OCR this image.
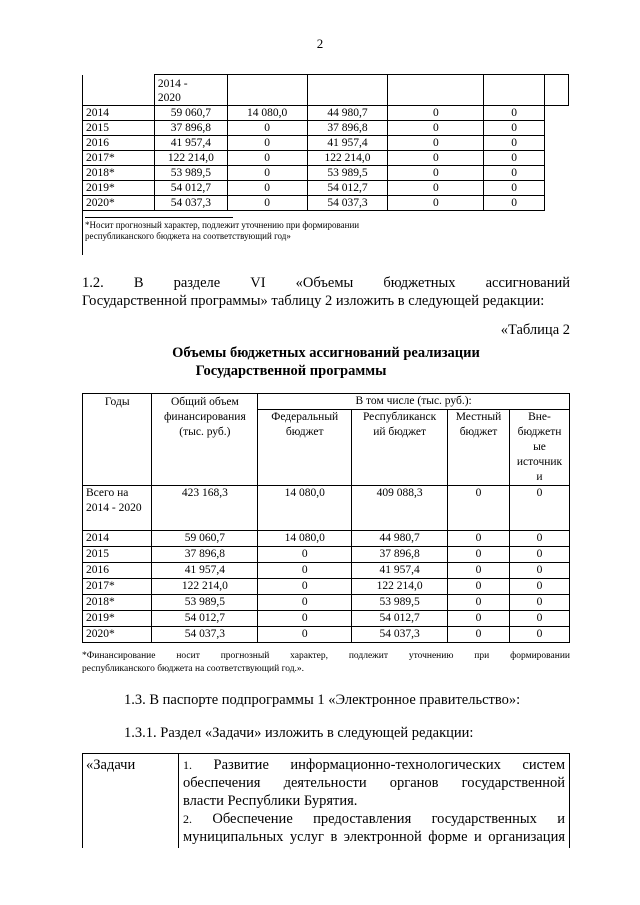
2
	2014 -
2020					
2014	59 060,7	14 080,0	44 980,7	0	0	
2015	37 896,8	0	37 896,8	0	0	
2016	41 957,4	0	41 957,4	0	0	
2017*	122 214,0	0	122 214,0	0	0	
2018*	53 989,5	0	53 989,5	0	0	
2019*	54 012,7	0	54 012,7	0	0	
2020*	54 037,3	0	54 037,3	0	0	

*Носит прогнозный характер, подлежит уточнению при формировании
республиканского бюджета на соответствующий год»						
1.2. В разделе VI «Объемы бюджетных ассигнований
Государственной программы» таблицу 2 изложить в следующей редакции:
«Таблица 2
Объемы бюджетных ассигнований реализации
Государственной программы
Годы	Общий объем финансирования (тыс. руб.)	В том числе (тыс. руб.):			
		Федеральный бюджет	Республиканск ий бюджет	Местный бюджет	Вне-бюджетн ые источник и
Всего на 2014 - 2020	423 168,3	14 080,0	409 088,3	0	0
2014	59 060,7	14 080,0	44 980,7	0	0
2015	37 896,8	0	37 896,8	0	0
2016	41 957,4	0	41 957,4	0	0
2017*	122 214,0	0	122 214,0	0	0
2018*	53 989,5	0	53 989,5	0	0
2019*	54 012,7	0	54 012,7	0	0
2020*	54 037,3	0	54 037,3	0	0
*Финансирование носит прогнозный характер, подлежит уточнению при формировании
республиканского бюджета на соответствующий год.».
1.3. В паспорте подпрограммы 1 «Электронное правительство»:
1.3.1. Раздел «Задачи» изложить в следующей редакции:
«Задачи	1. Развитие информационно-технологических систем
обеспечения деятельности органов государственной
власти Республики Бурятия.
2. Обеспечение предоставления государственных и
муниципальных услуг в электронной форме и организация
